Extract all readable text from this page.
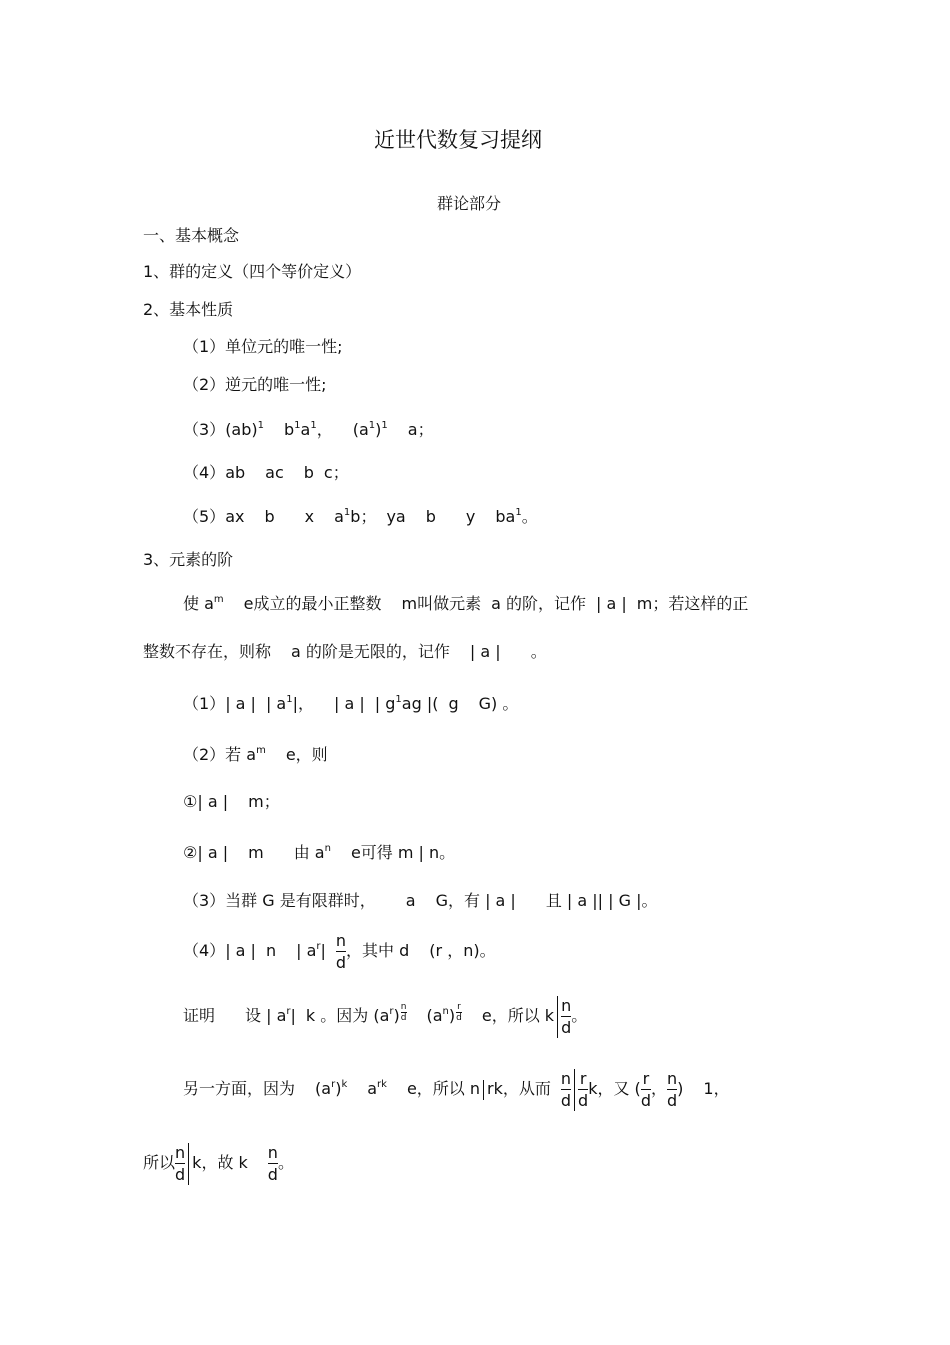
近世代数复习提纲
群论部分
一、基本概念
1、群的定义（四个等价定义）
2、基本性质
（1）单位元的唯一性;
（2）逆元的唯一性;
（3）(ab)$^1$ $b^1a^1$， $(a^1)^1$ a；
（4）ab ac b c；
（5）ax b x $a^1b$； ya b y $ba^1$。
3、元素的阶
使 $a^m$ e成立的最小正整数 m叫做元素 a 的阶，记作 | a | m；若这样的正
整数不存在，则称 a 的阶是无限的，记作 | a | 。
（1）| a | | $a^1|$， | a | | $g^1ag$ |( g G) 。
（2）若 $a^m$ e，则
①| a | m；
②| a | m 由 $a^n$ e可得 m | n。
（3）当群 G 是有限群时， a G，有 | a | 且 | a || | G |。
（4）| a | n | $a^r| \frac{n}{d}$ ，其中 d (r ，n)。
证明 设 | $a^r|$ k 。因为 $(a^r) \frac{n}{d} (a^n) \frac{r}{d}$ e，所以 k $\frac{n}{d}$ 。
另一方面，因为 $(a^r)^k$ $a^{rk}$ e，所以 n rk，从而 $\frac{n}{d} \frac{r}{d}$ k，又 ( $\frac{r}{d}$ ， $\frac{n}{d}$ ) 1，
所以 $\frac{n}{d}$ k，故 k $\frac{n}{d}$ 。
